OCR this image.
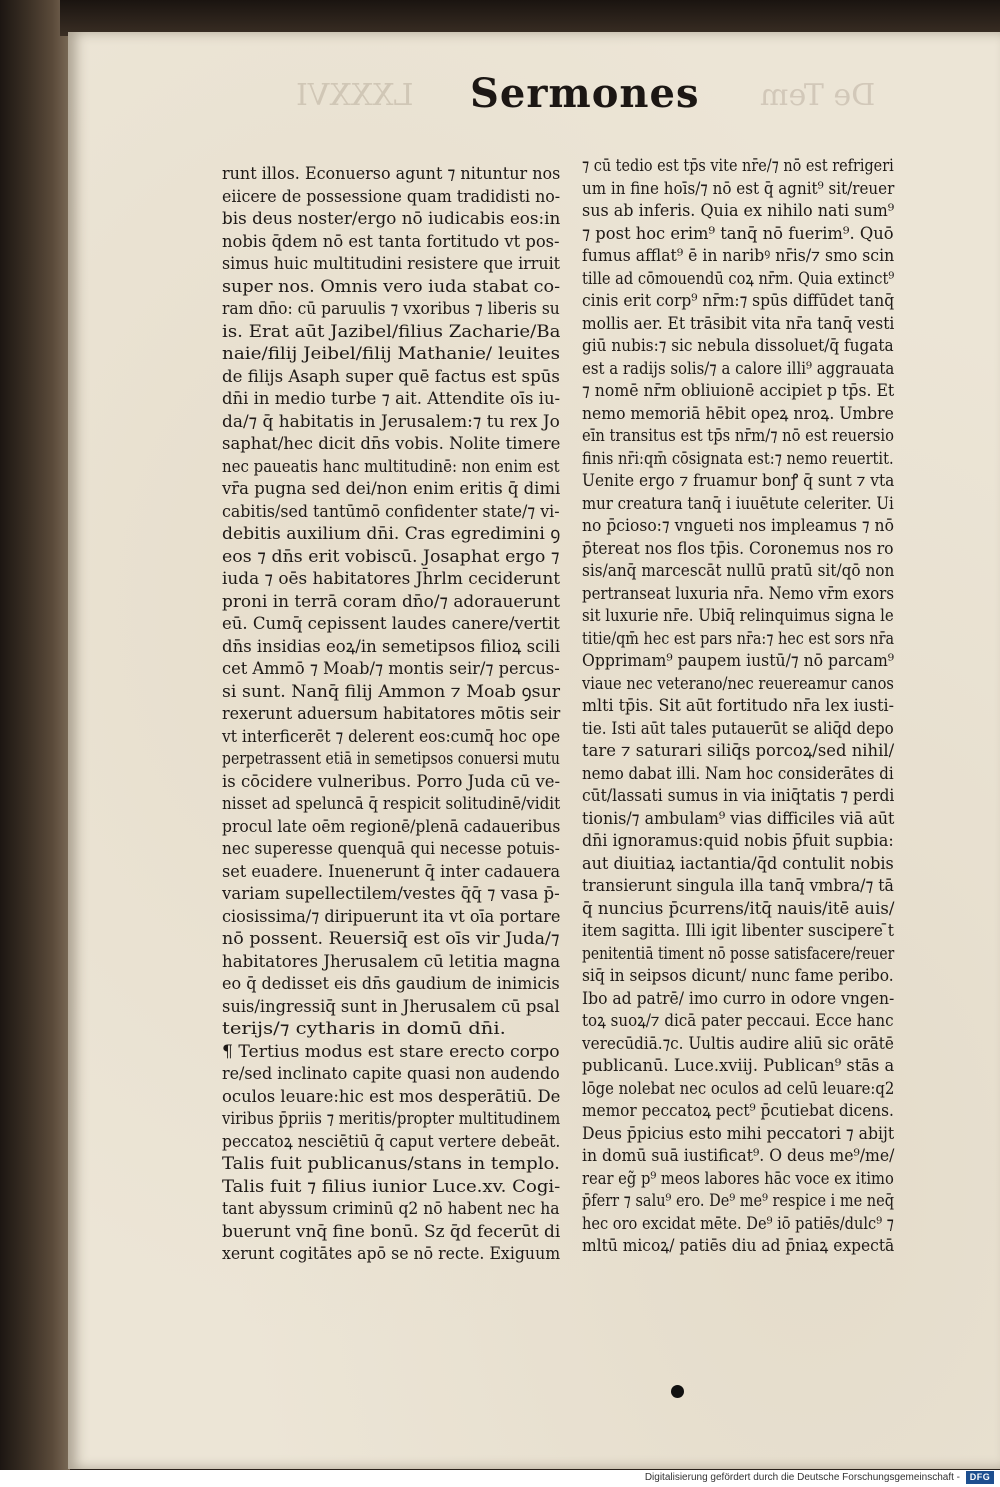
LXXXVI	De Tem
Sermones
runt illos. Econuerso agunt ⁊ nituntur nos
eiicere de possessione quam tradidisti no-
bis deus noster/ergo nō iudicabis eos:in
nobis q̄dem nō est tanta fortitudo vt pos-
simus huic multitudini resistere que irruit
super nos. Omnis vero iuda stabat co-
ram dn̄o: cū paruulis ⁊ vxoribus ⁊ liberis su
is. Erat aūt Jazibel/filius Zacharie/Ba
naie/filij Jeibel/filij Mathanie/ leuites
de filijs Asaph super quē factus est spūs
dn̄i in medio turbe ⁊ ait. Attendite oīs iu-
da/⁊ q̄ habitatis in Jerusalem:⁊ tu rex Jo
saphat/hec dicit dn̄s vobis. Nolite timere
nec paueatis hanc multitudinē: non enim est
vr̄a pugna sed dei/non enim eritis q̄ dimi
cabitis/sed tantūmō confidenter state/⁊ vi-
debitis auxilium dn̄i. Cras egredimini ꝯ
eos ⁊ dn̄s erit vobiscū. Josaphat ergo ⁊
iuda ⁊ oēs habitatores Jh̄rlm ceciderunt
proni in terrā coram dn̄o/⁊ adorauerunt
eū. Cumq̄ cepissent laudes canere/vertit
dn̄s insidias eoꝝ/in semetipsos filioꝝ scili
cet Ammō ⁊ Moab/⁊ montis seir/⁊ percus-
si sunt. Nanq̄ filij Ammon ⁊ Moab ꝯsur
rexerunt aduersum habitatores mōtis seir
vt interficerēt ⁊ delerent eos:cumq̄ hoc ope
perpetrassent etiā in semetipsos conuersi mutu
is cōcidere vulneribus. Porro Juda cū ve-
nisset ad speluncā q̄ respicit solitudinē/vidit
procul late oēm regionē/plenā cadaueribus
nec superesse quenquā qui necesse potuis-
set euadere. Inuenerunt q̄ inter cadauera
variam supellectilem/vestes q̄q̄ ⁊ vasa p̄-
ciosissima/⁊ diripuerunt ita vt oīa portare
nō possent. Reuersiq̄ est oīs vir Juda/⁊
habitatores Jherusalem cū letitia magna
eo q̄ dedisset eis dn̄s gaudium de inimicis
suis/ingressiq̄ sunt in Jherusalem cū psal
terijs/⁊ cytharis in domū dn̄i.
¶ Tertius modus est stare erecto corpo
re/sed inclinato capite quasi non audendo
oculos leuare:hic est mos desperātiū. De
viribus p̄priis ⁊ meritis/propter multitudinem
peccatoꝝ nesciētiū q̄ caput vertere debeāt.
Talis fuit publicanus/stans in templo.
Talis fuit ⁊ filius iunior Luce.xv. Cogi-
tant abyssum criminū q2 nō habent nec ha
buerunt vnq̄ fine bonū. Sz q̄d fecerūt di
xerunt cogitātes apō se nō recte. Exiguum
⁊ cū tedio est tp̄s vite nr̄e/⁊ nō est refrigeri
um in fine hoīs/⁊ nō est q̄ agnit⁹ sit/reuer
sus ab inferis. Quia ex nihilo nati sum⁹
⁊ post hoc erim⁹ tanq̄ nō fuerim⁹. Quō
fumus afflat⁹ ē in naribꝰ nr̄is/⁊ smo scin
tille ad cōmouendū coꝝ nr̄m. Quia extinct⁹
cinis erit corp⁹ nr̄m:⁊ spūs diffūdet tanq̄
mollis aer. Et trāsibit vita nr̄a tanq̄ vesti
giū nubis:⁊ sic nebula dissoluet/q̄ fugata
est a radijs solis/⁊ a calore illi⁹ aggrauata
⁊ nomē nr̄m obliuionē accipiet p tp̄s. Et
nemo memoriā hēbit opeꝝ nroꝝ. Umbre
eīn transitus est tp̄s nr̄m/⁊ nō est reuersio
finis nr̄i:qm̄ cōsignata est:⁊ nemo reuertit.
Uenite ergo ⁊ fruamur bonꝭ q̄ sunt ⁊ vta
mur creatura tanq̄ i iuuētute celeriter. Ui
no p̄cioso:⁊ vngueti nos impleamus ⁊ nō
p̄tereat nos flos tp̄is. Coronemus nos ro
sis/anq̄ marcescāt nullū pratū sit/qō non
pertranseat luxuria nr̄a. Nemo vr̄m exors
sit luxurie nr̄e. Ubiq̄ relinquimus signa le
titie/qm̄ hec est pars nr̄a:⁊ hec est sors nr̄a
Opprimam⁹ paupem iustū/⁊ nō parcam⁹
viaue nec veterano/nec reuereamur canos
mlti tp̄is. Sit aūt fortitudo nr̄a lex iusti-
tie. Isti aūt tales putauerūt se aliq̄d depo
tare ⁊ saturari siliq̄s porcoꝝ/sed nihil/
nemo dabat illi. Nam hoc considerātes di
cūt/lassati sumus in via iniq̄tatis ⁊ perdi
tionis/⁊ ambulam⁹ vias difficiles viā aūt
dn̄i ignoramus:quid nobis p̄fuit supbia:
aut diuitiaꝝ iactantia/q̄d contulit nobis
transierunt singula illa tanq̄ vmbra/⁊ tā
q̄ nuncius p̄currens/itq̄ nauis/itē auis/
item sagitta. Illi igit libenter suscipere ̄t
penitentiā timent nō posse satisfacere/reuer
siq̄ in seipsos dicunt/ nunc fame peribo.
Ibo ad patrē/ imo curro in odore vngen-
toꝝ suoꝝ/⁊ dicā pater peccaui. Ecce hanc
verecūdiā.⁊c. Uultis audire aliū sic orātē
publicanū. Luce.xviij. Publican⁹ stās a
lōge nolebat nec oculos ad celū leuare:q2
memor peccatoꝝ pect⁹ p̄cutiebat dicens.
Deus p̄picius esto mihi peccatori ⁊ abijt
in domū suā iustificat⁹. O deus me⁹/me/
rear eg̃ p⁹ meos labores hāc voce ex itimo
p̄ferr ⁊ salu⁹ ero. De⁹ me⁹ respice i me neq̄
hec oro excidat mēte. De⁹ iō patiēs/dulc⁹ ⁊
mltū micoꝝ/ patiēs diu ad p̄niaꝝ expectā
Digitalisierung gefördert durch die Deutsche Forschungsgemeinschaft -	DFG
